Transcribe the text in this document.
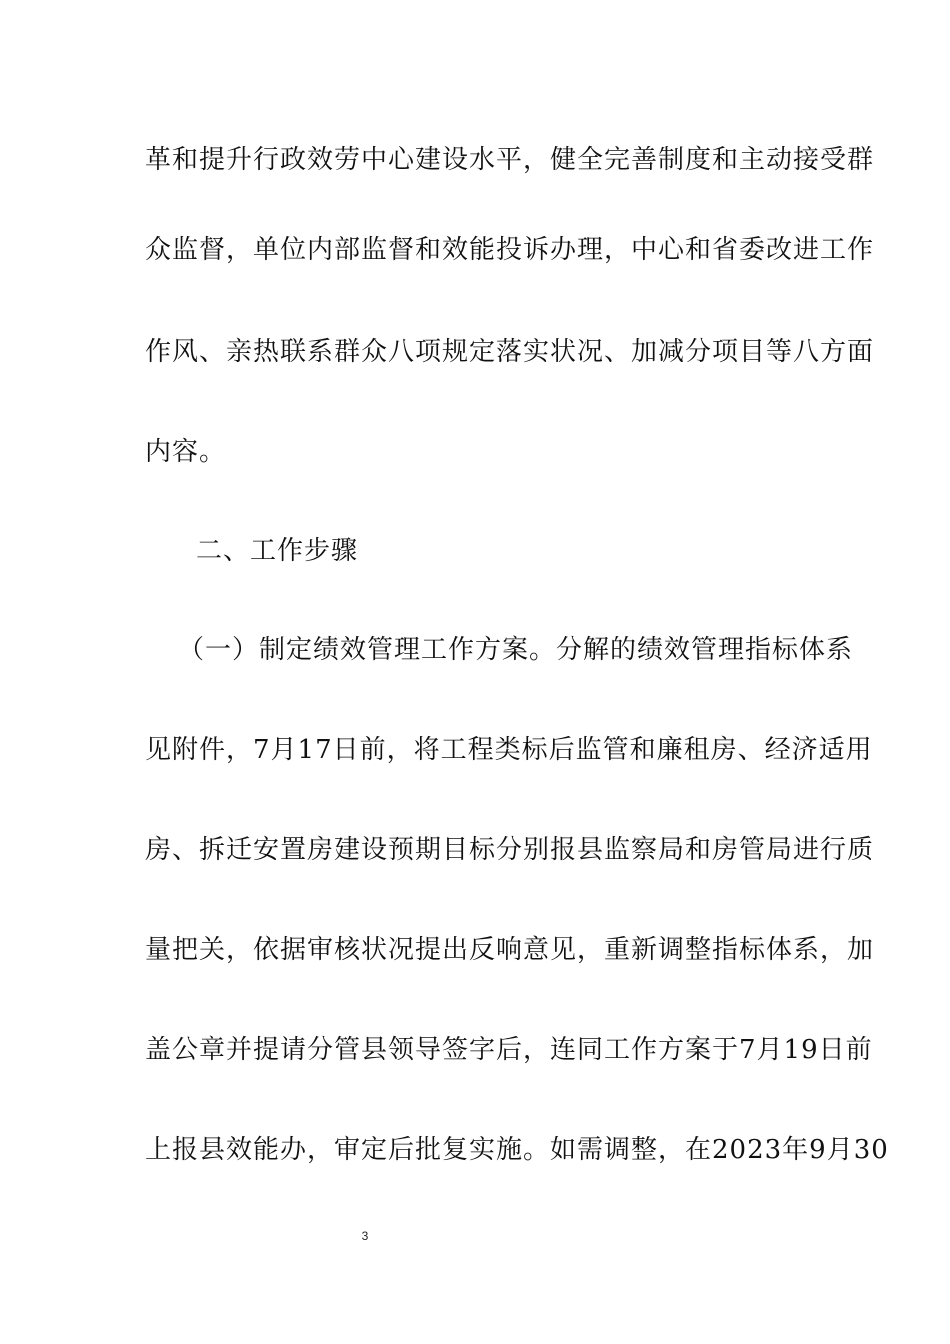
革和提升行政效劳中心建设水平，健全完善制度和主动接受群
众监督，单位内部监督和效能投诉办理，中心和省委改进工作
作风、亲热联系群众八项规定落实状况、加减分项目等八方面
内容。
二、工作步骤
（一）制定绩效管理工作方案。分解的绩效管理指标体系
见附件，7月17日前，将工程类标后监管和廉租房、经济适用
房、拆迁安置房建设预期目标分别报县监察局和房管局进行质
量把关，依据审核状况提出反响意见，重新调整指标体系，加
盖公章并提请分管县领导签字后，连同工作方案于7月19日前
上报县效能办，审定后批复实施。如需调整，在2023年9月30
3
